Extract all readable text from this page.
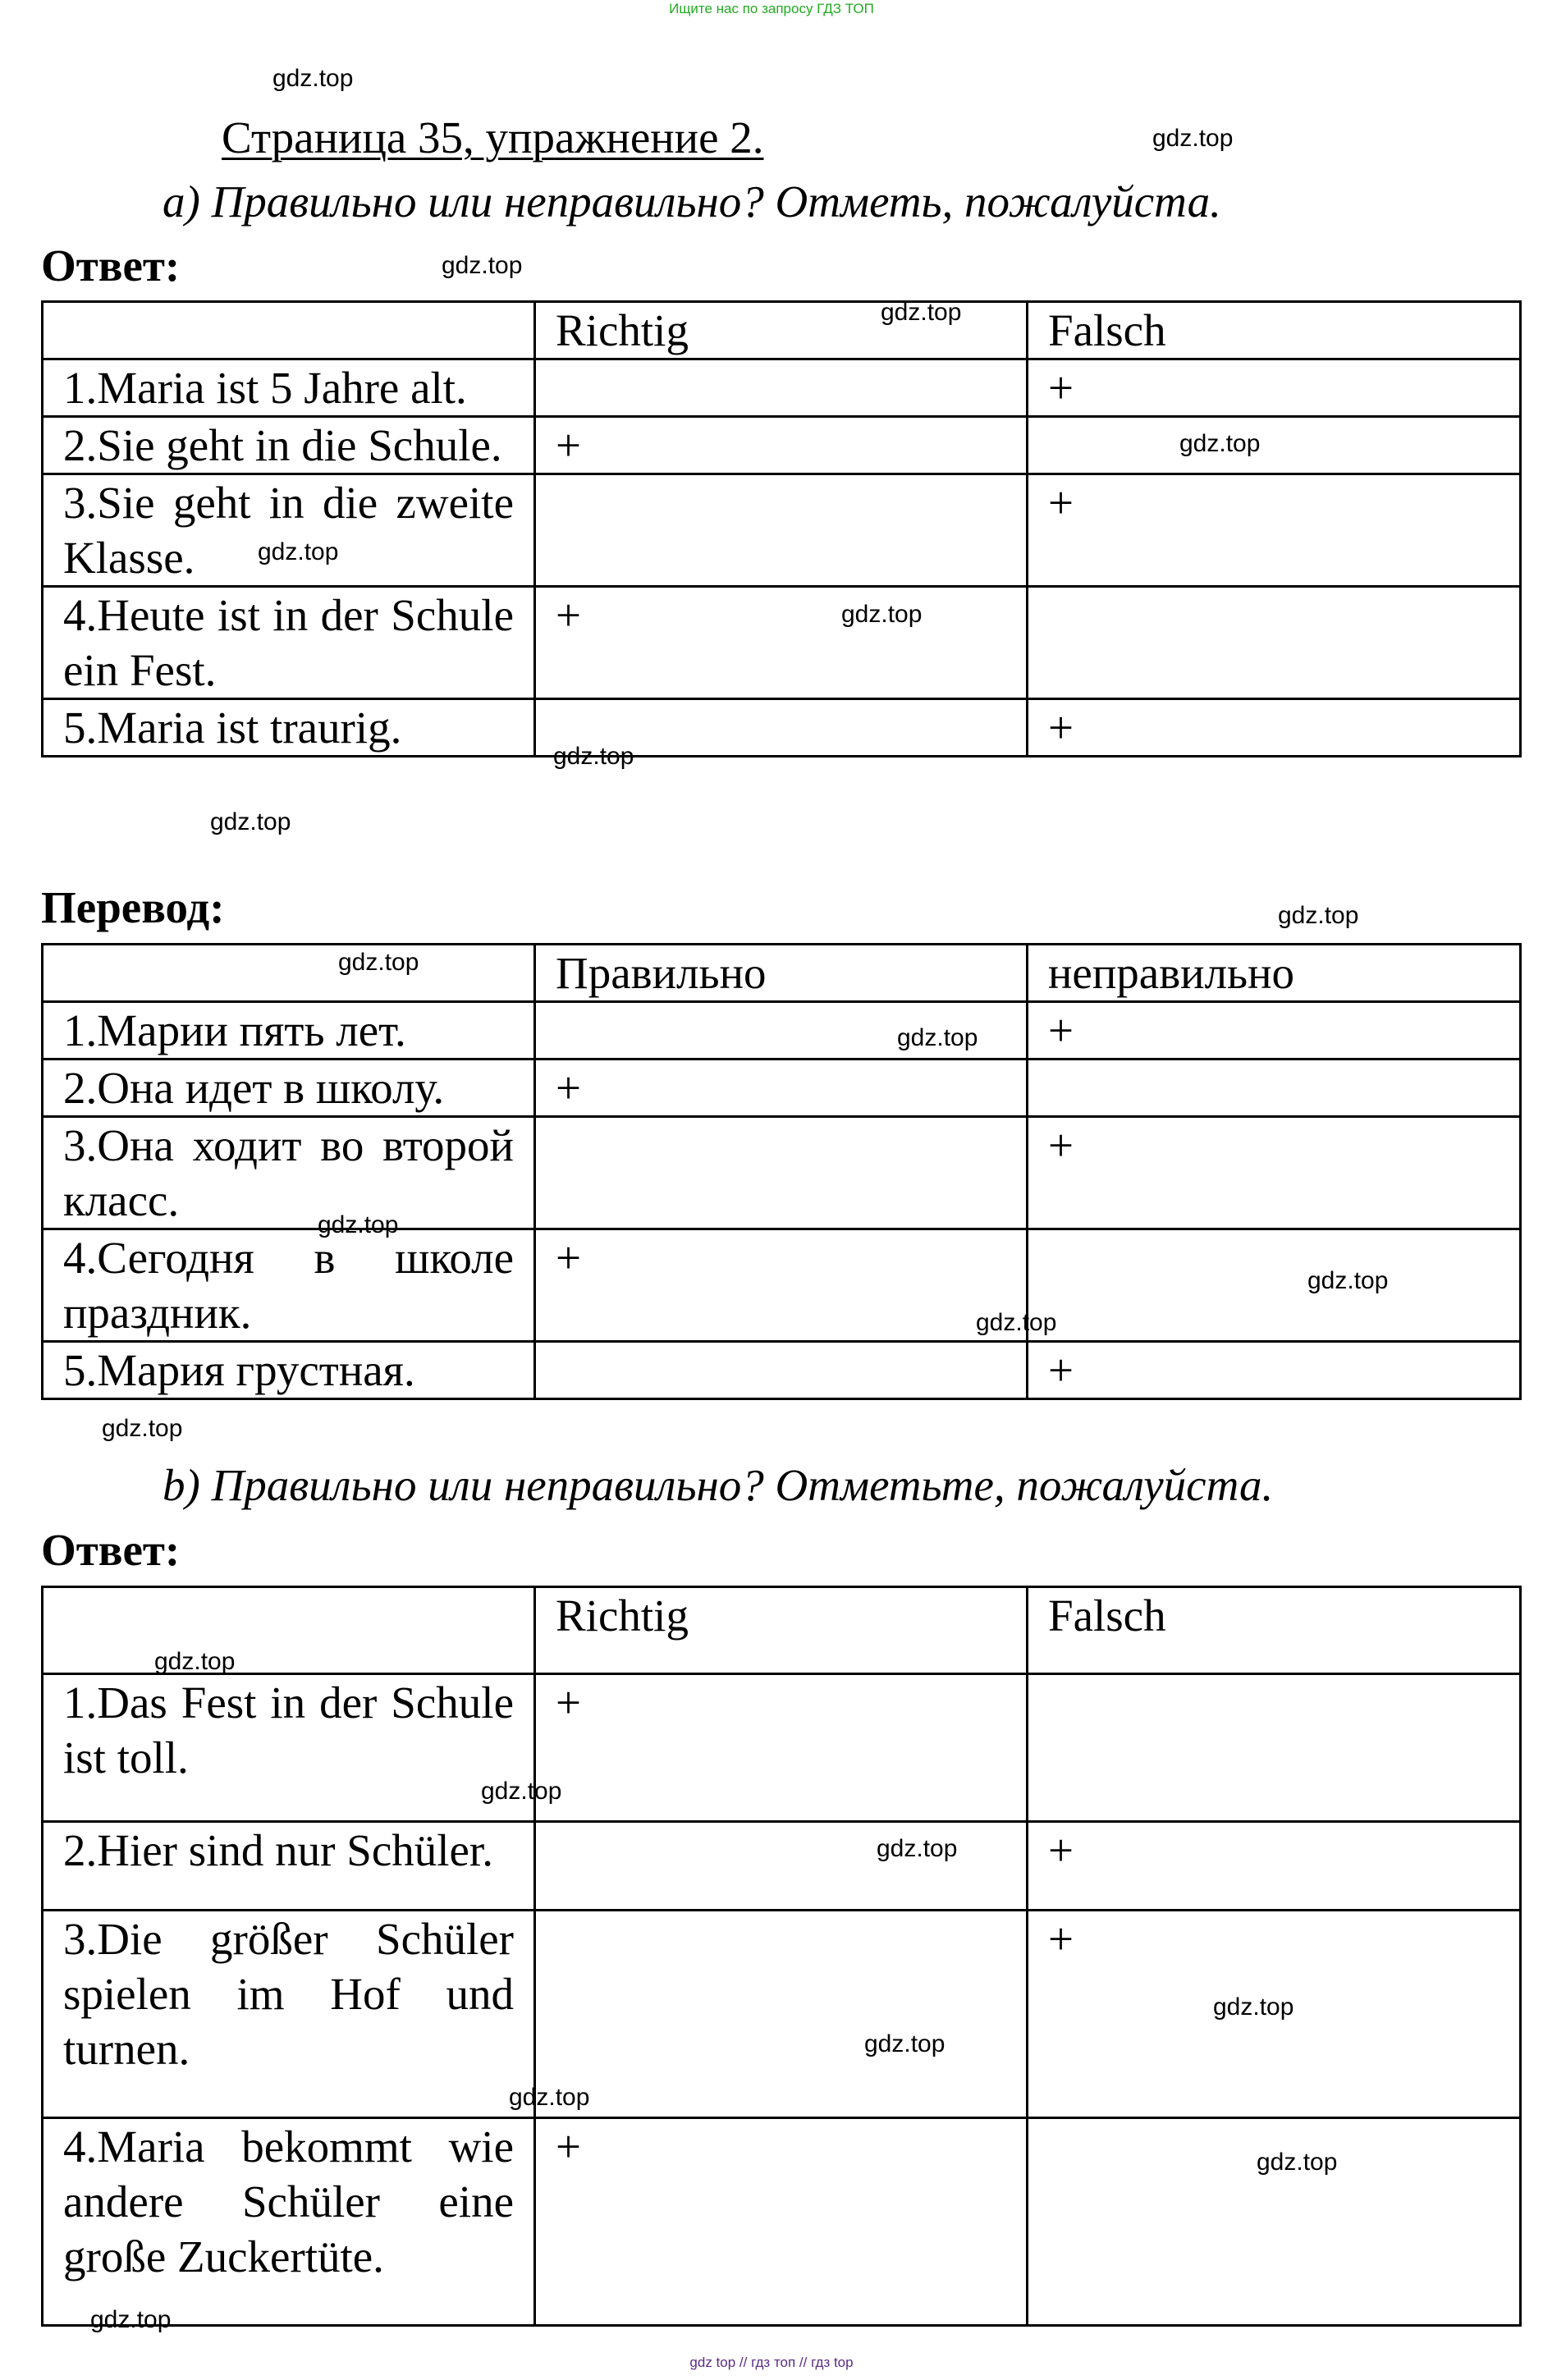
Ищите нас по запросу ГДЗ ТОП
gdz.top
gdz.top
gdz.top
gdz.top
gdz.top
gdz.top
gdz.top
gdz.top
gdz.top
gdz.top
gdz.top
gdz.top
gdz.top
gdz.top
gdz.top
gdz.top
gdz.top
gdz.top
gdz.top
gdz.top
gdz.top
gdz.top
gdz.top
gdz.top
Страница 35, упражнение 2.
a) Правильно или неправильно? Отметь, пожалуйста.
Ответ:
	Richtig	Falsch
1.Maria ist 5 Jahre alt.		+
2.Sie geht in die Schule.	+	
3.Sie geht in die zweite Klasse.		+
4.Heute ist in der Schule ein Fest.	+	
5.Maria ist traurig.		+
Перевод:
	Правильно	неправильно
1.Марии пять лет.		+
2.Она идет в школу.	+	
3.Она ходит во второй класс.		+
4.Сегодня в школе праздник.	+	
5.Мария грустная.		+
b) Правильно или неправильно? Отметьте, пожалуйста.
Ответ:
	Richtig	Falsch
1.Das Fest in der Schule ist toll.	+	
2.Hier sind nur Schüler.		+
3.Die größer Schüler spielen im Hof und turnen.		+
4.Maria bekommt wie andere Schüler eine große Zuckertüte.	+	
gdz top // гдз топ // гдз top
